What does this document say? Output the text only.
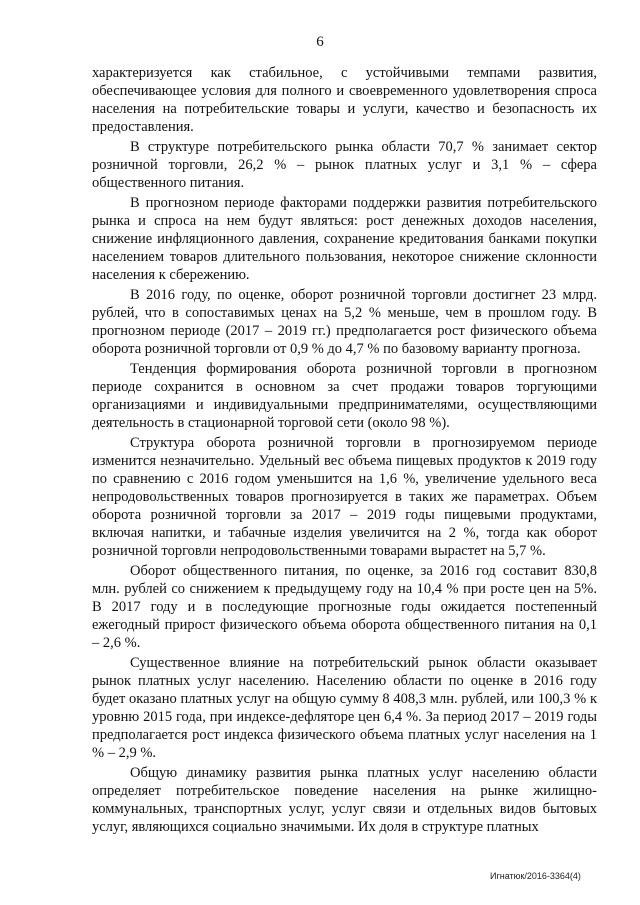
6

характеризуется как стабильное, с устойчивыми темпами развития, обеспечивающее условия для полного и своевременного удовлетворения спроса населения на потребительские товары и услуги, качество и безопасность их предоставления.

В структуре потребительского рынка области 70,7 % занимает сектор розничной торговли, 26,2 % – рынок платных услуг и 3,1 % – сфера общественного питания.

В прогнозном периоде факторами поддержки развития потребительского рынка и спроса на нем будут являться: рост денежных доходов населения, снижение инфляционного давления, сохранение кредитования банками покупки населением товаров длительного пользования, некоторое снижение склонности населения к сбережению.

В 2016 году, по оценке, оборот розничной торговли достигнет 23 млрд. рублей, что в сопоставимых ценах на 5,2 % меньше, чем в прошлом году. В прогнозном периоде (2017 – 2019 гг.) предполагается рост физического объема оборота розничной торговли от 0,9 % до 4,7 % по базовому варианту прогноза.

Тенденция формирования оборота розничной торговли в прогнозном периоде сохранится в основном за счет продажи товаров торгующими организациями и индивидуальными предпринимателями, осуществляющими деятельность в стационарной торговой сети (около 98 %).

Структура оборота розничной торговли в прогнозируемом периоде изменится незначительно. Удельный вес объема пищевых продуктов к 2019 году по сравнению с 2016 годом уменьшится на 1,6 %, увеличение удельного веса непродовольственных товаров прогнозируется в таких же параметрах. Объем оборота розничной торговли за 2017 – 2019 годы пищевыми продуктами, включая напитки, и табачные изделия увеличится на 2 %, тогда как оборот розничной торговли непродовольственными товарами вырастет на 5,7 %.

Оборот общественного питания, по оценке, за 2016 год составит 830,8 млн. рублей со снижением к предыдущему году на 10,4 % при росте цен на 5%. В 2017 году и в последующие прогнозные годы ожидается постепенный ежегодный прирост физического объема оборота общественного питания на 0,1 – 2,6 %.

Существенное влияние на потребительский рынок области оказывает рынок платных услуг населению. Населению области по оценке в 2016 году будет оказано платных услуг на общую сумму 8 408,3 млн. рублей, или 100,3 % к уровню 2015 года, при индексе-дефляторе цен 6,4 %. За период 2017 – 2019 годы предполагается рост индекса физического объема платных услуг населения на 1 % – 2,9 %.

Общую динамику развития рынка платных услуг населению области определяет потребительское поведение населения на рынке жилищно-коммунальных, транспортных услуг, услуг связи и отдельных видов бытовых услуг, являющихся социально значимыми. Их доля в структуре платных

Игнатюк/2016-3364(4)
